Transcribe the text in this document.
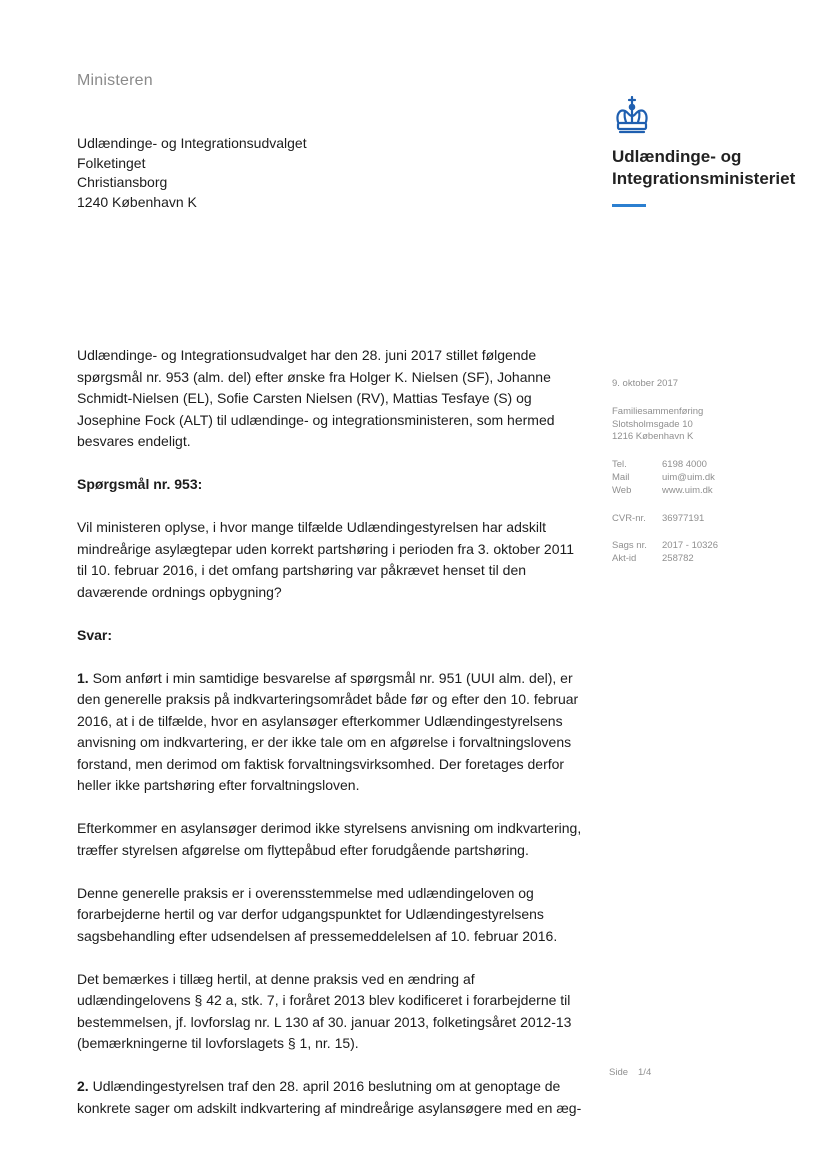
Ministeren
Udlændinge- og Integrationsudvalget
Folketinget
Christiansborg
1240 København K
Udlændinge- og
Integrationsministeriet

Udlændinge- og Integrationsudvalget har den 28. juni 2017 stillet følgende spørgsmål nr. 953 (alm. del) efter ønske fra Holger K. Nielsen (SF), Johanne Schmidt-Nielsen (EL), Sofie Carsten Nielsen (RV), Mattias Tesfaye (S) og Josephine Fock (ALT) til udlændinge- og integrationsministeren, som hermed besvares endeligt.

Spørgsmål nr. 953:

Vil ministeren oplyse, i hvor mange tilfælde Udlændingestyrelsen har adskilt mindreårige asylægtepar uden korrekt partshøring i perioden fra 3. oktober 2011 til 10. februar 2016, i det omfang partshøring var påkrævet henset til den daværende ordnings opbygning?

Svar:

1. Som anført i min samtidige besvarelse af spørgsmål nr. 951 (UUI alm. del), er den generelle praksis på indkvarteringsområdet både før og efter den 10. februar 2016, at i de tilfælde, hvor en asylansøger efterkommer Udlændingestyrelsens anvisning om indkvartering, er der ikke tale om en afgørelse i forvaltningslovens forstand, men derimod om faktisk forvaltningsvirksomhed. Der foretages derfor heller ikke partshøring efter forvaltningsloven.

Efterkommer en asylansøger derimod ikke styrelsens anvisning om indkvartering, træffer styrelsen afgørelse om flyttepåbud efter forudgående partshøring.

Denne generelle praksis er i overensstemmelse med udlændingeloven og forarbejderne hertil og var derfor udgangspunktet for Udlændingestyrelsens sagsbehandling efter udsendelsen af pressemeddelelsen af 10. februar 2016.

Det bemærkes i tillæg hertil, at denne praksis ved en ændring af udlændingelovens § 42 a, stk. 7, i foråret 2013 blev kodificeret i forarbejderne til bestemmelsen, jf. lovforslag nr. L 130 af 30. januar 2013, folketingsåret 2012-13 (bemærkningerne til lovforslagets § 1, nr. 15).

2. Udlændingestyrelsen traf den 28. april 2016 beslutning om at genoptage de konkrete sager om adskilt indkvartering af mindreårige asylansøgere med en æg-

9. oktober 2017
Familiesammenføring
Slotsholmsgade 10
1216 København K
Tel.	6198 4000
Mail	uim@uim.dk
Web	www.uim.dk
CVR-nr.	36977191
Sags nr.	2017 - 10326
Akt-id	258782
Side 1/4
